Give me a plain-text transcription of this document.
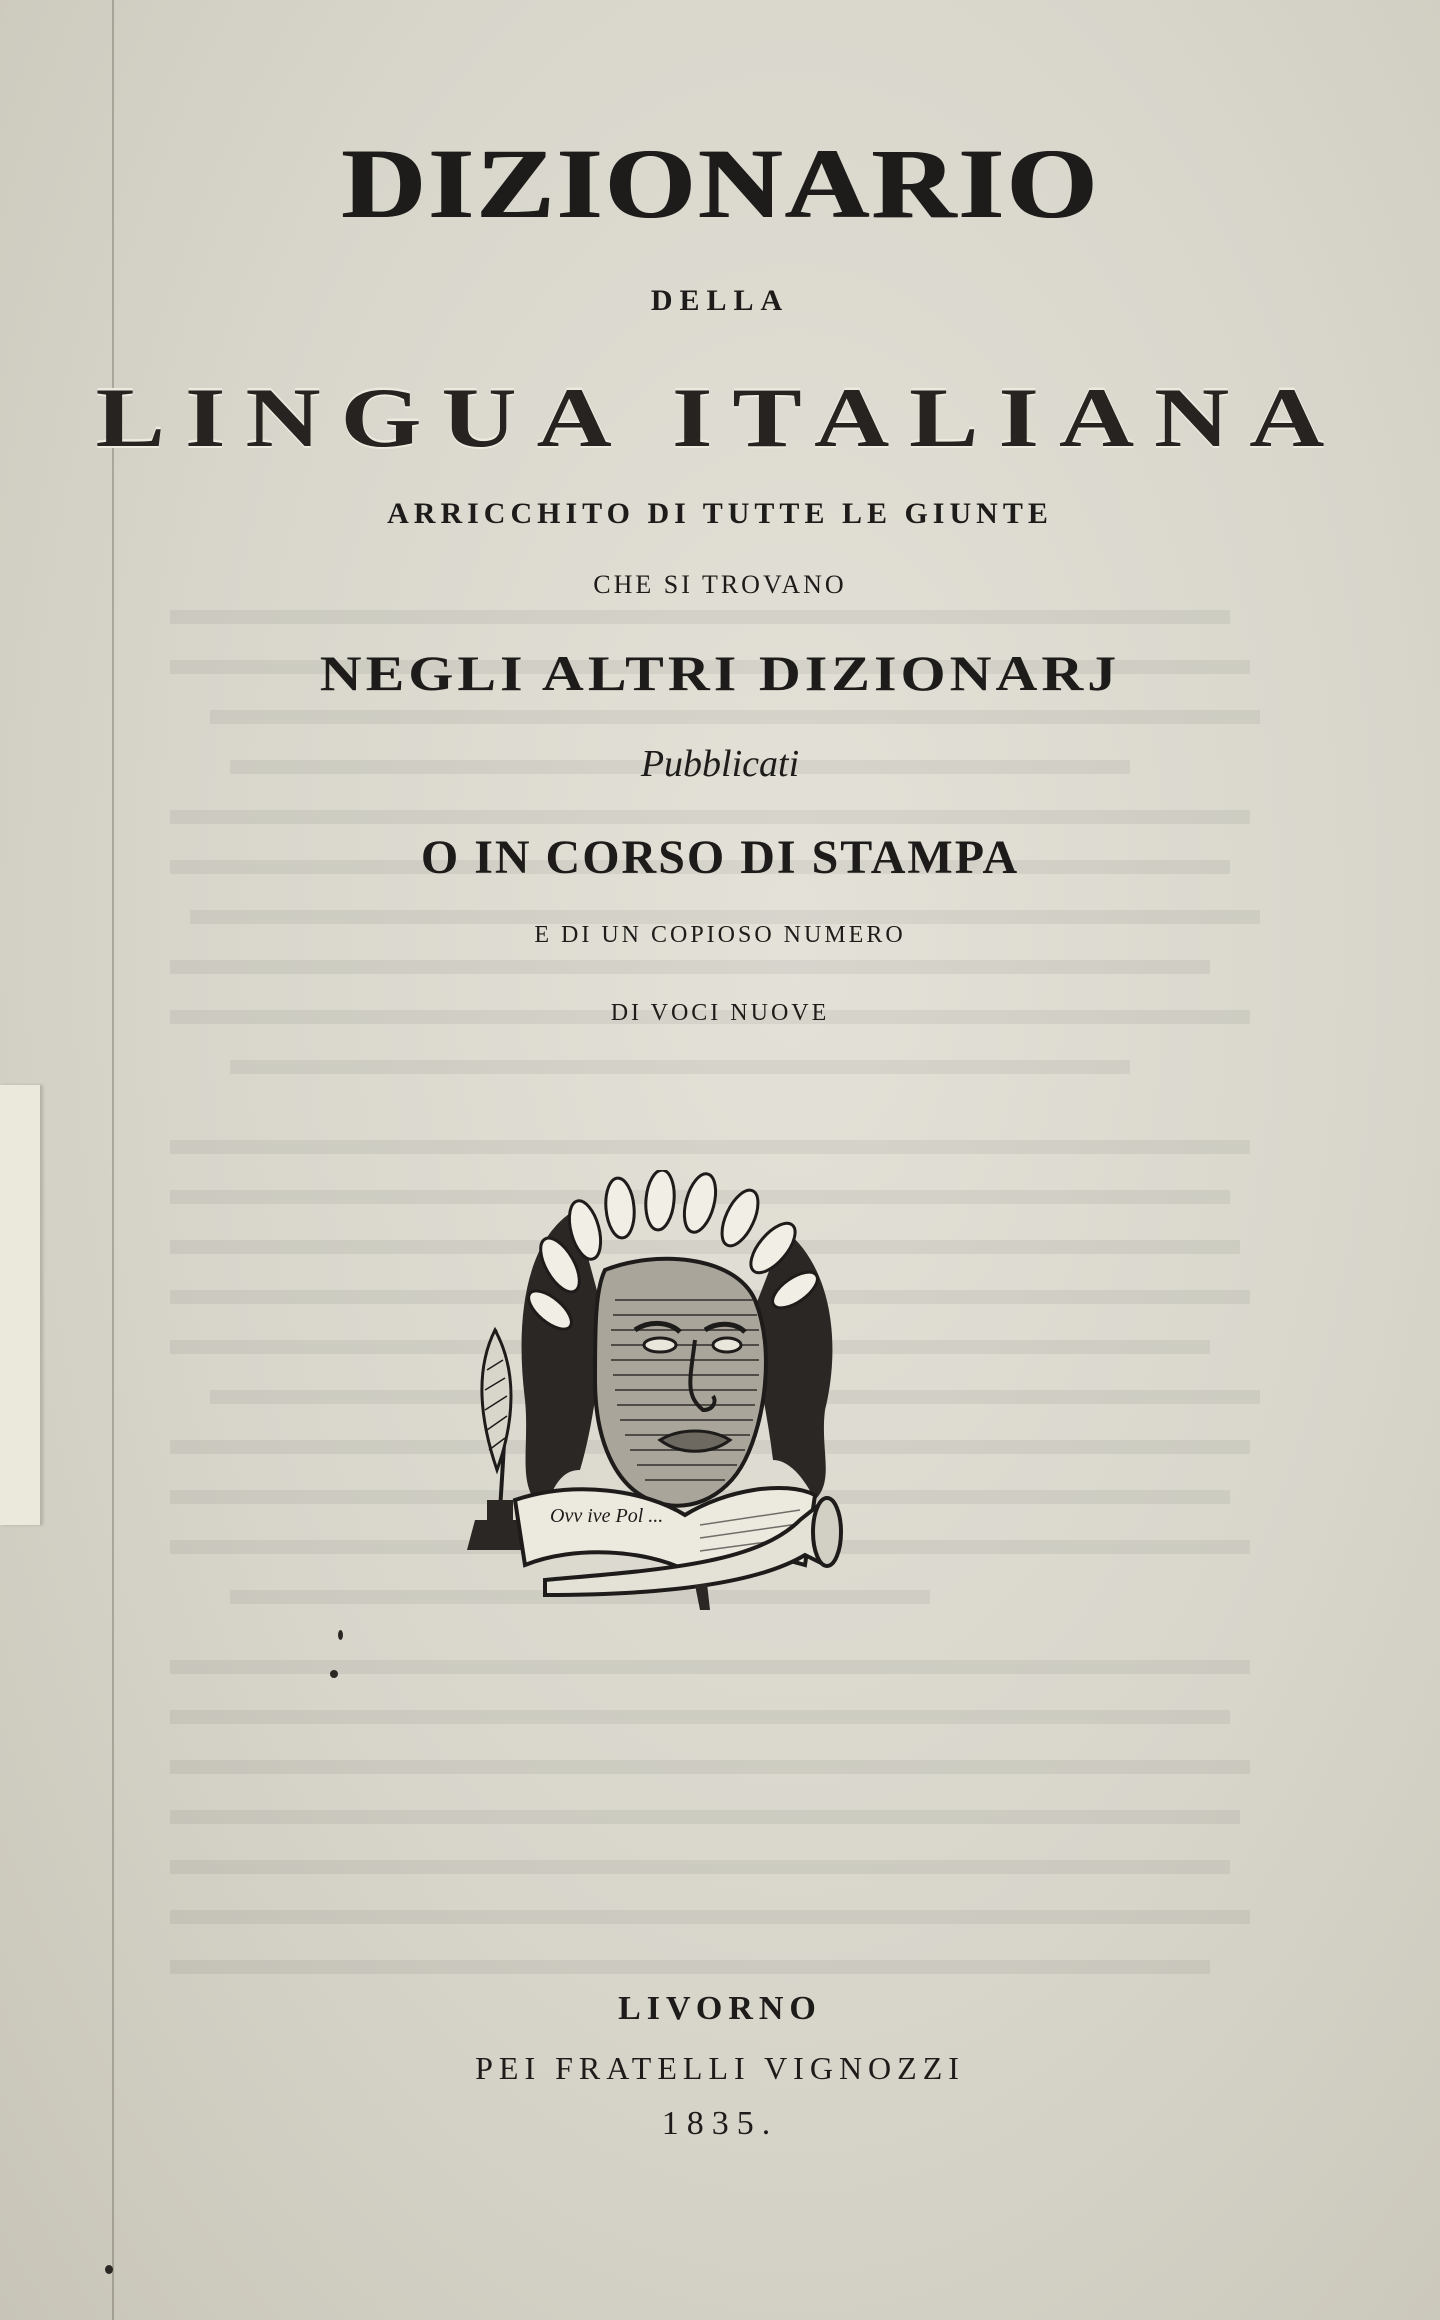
DIZIONARIO
DELLA
LINGUA ITALIANA
ARRICCHITO DI TUTTE LE GIUNTE
CHE SI TROVANO
NEGLI ALTRI DIZIONARJ
Pubblicati
O IN CORSO DI STAMPA
E DI UN COPIOSO NUMERO
DI VOCI NUOVE
Ovv ive Pol ...
LIVORNO
PEI FRATELLI VIGNOZZI
1835.
